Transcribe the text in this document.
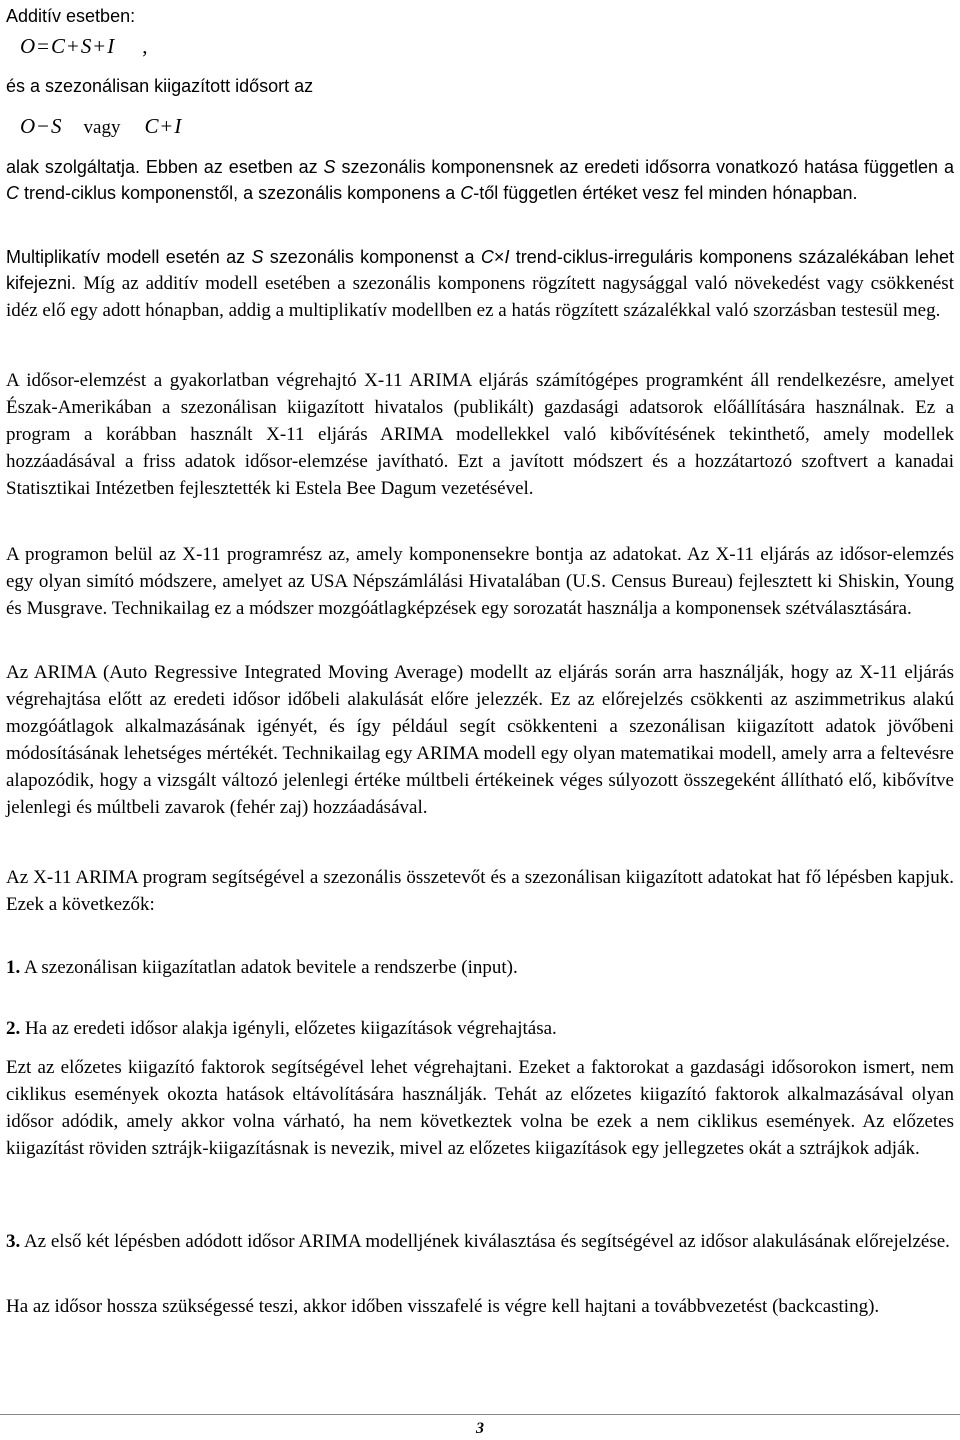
Additív esetben:

O=C+S+I ,

és a szezonálisan kiigazított idősort az

O−S vagy C+I

alak szolgáltatja. Ebben az esetben az S szezonális komponensnek az eredeti idősorra vonatkozó hatása független a C trend-ciklus komponenstől, a szezonális komponens a C-től független értéket vesz fel minden hónapban.

Multiplikatív modell esetén az S szezonális komponenst a C×I trend-ciklus-irreguláris komponens százalékában lehet kifejezni. Míg az additív modell esetében a szezonális komponens rögzített nagysággal való növekedést vagy csökkenést idéz elő egy adott hónapban, addig a multiplikatív modellben ez a hatás rögzített százalékkal való szorzásban testesül meg.

A idősor-elemzést a gyakorlatban végrehajtó X-11 ARIMA eljárás számítógépes programként áll rendelkezésre, amelyet Észak-Amerikában a szezonálisan kiigazított hivatalos (publikált) gazdasági adatsorok előállítására használnak. Ez a program a korábban használt X-11 eljárás ARIMA modellekkel való kibővítésének tekinthető, amely modellek hozzáadásával a friss adatok idősor-elemzése javítható. Ezt a javított módszert és a hozzátartozó szoftvert a kanadai Statisztikai Intézetben fejlesztették ki Estela Bee Dagum vezetésével.

A programon belül az X-11 programrész az, amely komponensekre bontja az adatokat. Az X-11 eljárás az idősor-elemzés egy olyan simító módszere, amelyet az USA Népszámlálási Hivatalában (U.S. Census Bureau) fejlesztett ki Shiskin, Young és Musgrave. Technikailag ez a módszer mozgóátlagképzések egy sorozatát használja a komponensek szétválasztására.

Az ARIMA (Auto Regressive Integrated Moving Average) modellt az eljárás során arra használják, hogy az X-11 eljárás végrehajtása előtt az eredeti idősor időbeli alakulását előre jelezzék. Ez az előrejelzés csökkenti az aszimmetrikus alakú mozgóátlagok alkalmazásának igényét, és így például segít csökkenteni a szezonálisan kiigazított adatok jövőbeni módosításának lehetséges mértékét. Technikailag egy ARIMA modell egy olyan matematikai modell, amely arra a feltevésre alapozódik, hogy a vizsgált változó jelenlegi értéke múltbeli értékeinek véges súlyozott összegeként állítható elő, kibővítve jelenlegi és múltbeli zavarok (fehér zaj) hozzáadásával.

Az X-11 ARIMA program segítségével a szezonális összetevőt és a szezonálisan kiigazított adatokat hat fő lépésben kapjuk. Ezek a következők:

1. A szezonálisan kiigazítatlan adatok bevitele a rendszerbe (input).

2. Ha az eredeti idősor alakja igényli, előzetes kiigazítások végrehajtása.

Ezt az előzetes kiigazító faktorok segítségével lehet végrehajtani. Ezeket a faktorokat a gazdasági idősorokon ismert, nem ciklikus események okozta hatások eltávolítására használják. Tehát az előzetes kiigazító faktorok alkalmazásával olyan idősor adódik, amely akkor volna várható, ha nem következtek volna be ezek a nem ciklikus események. Az előzetes kiigazítást röviden sztrájk-kiigazításnak is nevezik, mivel az előzetes kiigazítások egy jellegzetes okát a sztrájkok adják.

3. Az első két lépésben adódott idősor ARIMA modelljének kiválasztása és segítségével az idősor alakulásának előrejelzése.

Ha az idősor hossza szükségessé teszi, akkor időben visszafelé is végre kell hajtani a továbbvezetést (backcasting).

3
